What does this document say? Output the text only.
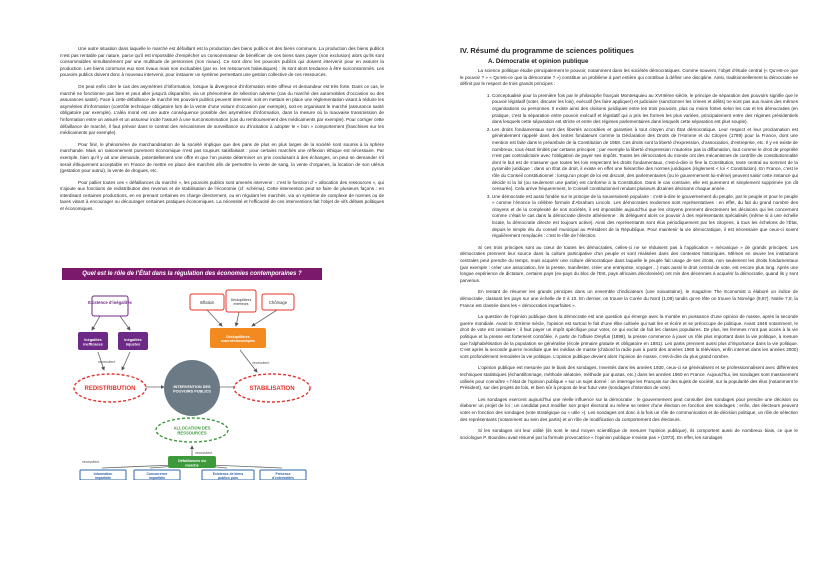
Une autre situation dans laquelle le marché est défaillant est la production des biens publics et des biens communs. La production des biens publics n’est pas rentable par nature, parce qu’il est impossible d’empêcher un consommateur de bénéficier de ces biens sans payer (non exclusion) alors qu’ils sont consommables simultanément par une multitude de personnes (non rivaux). Ce sont donc les pouvoirs publics qui doivent intervenir pour en assurer la production. Les biens communs eux sont rivaux mais non excluables (par ex. les ressources halieutiques) : ils sont alors tendance à être surconsommés. Les pouvoirs publics doivent donc à nouveau intervenir, pour instaurer un système permettant une gestion collective de ces ressources.

On peut enfin citer le cas des asymétries d’information, lorsque la divergence d’information entre offreur et demandeur est très forte. Dans ce cas, le marché ne fonctionne pas bien et peut aller jusqu’à disparaître, via un phénomène de sélection adverse (cas du marché des automobiles d’occasion ou des assurances santé). Face à cette défaillance de marché les pouvoirs publics peuvent intervenir, soit en mettant en place une réglementation visant à réduire les asymétries d’information (contrôle technique obligatoire lors de la vente d’une voiture d’occasion par exemple), soit en organisant le marché (assurance santé obligatoire par exemple). L’aléa moral est une autre conséquence possible des asymétries d’information, dans la mesure où la mauvaise transmission de l’information entre un assuré et un assureur incite l’assuré à une surconsommation (cas du remboursement des médicaments par exemple). Pour corriger cette défaillance de marché, il faut prévoir dans le contrat des mécanismes de surveillance ou d’incitation à adopter le « bon » comportement (franchises sur les médicaments par exemple).

Pour finir, le phénomène de marchandisation de la société implique que des pans de plus en plus larges de la société sont soumis à la sphère marchande. Mais un raisonnement purement économique n’est pas toujours satisfaisant : pour certains marchés une réflexion éthique est nécessaire. Par exemple, bien qu’il y ait une demande, potentiellement une offre et que l’on puisse déterminer un prix conduisant à des échanges, on peut se demander s’il serait éthiquement acceptable en France de mettre en place des marchés afin de permettre la vente de sang, la vente d’organes, la location de son utérus (gestation pour autrui), la vente de drogues, etc.

Pour pallier toutes ces « défaillances du marché », les pouvoirs publics sont amenés intervenir : c’est le fonction d’ « allocation des ressources », qui s’ajoute aux fonctions de redistribution des revenus et de stabilisation de l’économie (cf. schéma). Cette intervention peut se faire de plusieurs façons : en interdisant certaines productions, en en prenant certaines en charge directement, ou en régulant les marchés, via un système de complexe de normes ou de taxes visant à encourager ou décourager certaines pratiques économiques. La nécessité et l’efficacité de ces interventions fait l’objet de vifs débats politiques et économiques.

Quel est le rôle de l’État dans la régulation des économies contemporaines ?
Existence d’inégalités
Inégalités inefficaces
Inégalités injustes
nécessitent
Inflation	Déséquilibres extérieurs	Chômage
Déséquilibres macroéconomiques
nécessitent
REDISTRIBUTION	STABILISATION
INTERVENTION DES POUVOIRS PUBLICS
ALLOCATION DES RESSOURCES
nécessitent
Défaillances du marché
nécessitent
Information imparfaite
Concurrence imparfaite
Existence de biens publics purs
Présence d’externalités
IV. Résumé du programme de sciences politiques
A. Démocratie et opinion publique

La science politique étudie principalement le pouvoir, notamment dans les sociétés démocratiques. Comme souvent, l’objet d’étude central (« Qu’est-ce que le pouvoir ? » « Qu’est-ce que la démocratie ? ») constitue un problème à part entière qui contribue à définir une discipline. Ainsi, traditionnellement la démocratie se définit par le respect de trois grands principes :

1. Conceptualisé pour la première fois par le philosophe français Montesquieu au XVIIIème siècle, le principe de séparation des pouvoirs signifie que le pouvoir législatif (voter, discuter les lois), exécutif (les faire appliquer) et judiciaire (sanctionner les crimes et délits) ne sont pas aux mains des mêmes organisations ou personnes. Il existe ainsi des cloisons juridiques entre les trois pouvoirs, plus ou moins fortes selon les cas et les démocraties (en pratique, c’est la séparation entre pouvoir exécutif et législatif qui a pris les formes les plus variées, principalement entre des régimes présidentiels dans lesquels cette séparation est stricte et entre des régimes parlementaires dans lesquels cette séparation est plus souple).
2. Les droits fondamentaux sont des libertés accordées et garanties à tout citoyen d’un État démocratique. Leur respect et leur proclamation est généralement rappelé dans des textes fondateurs comme la Déclaration des Droits de l’Homme et du Citoyen (1789) pour la France, dont une mention est faite dans le préambule de la Constitution de 1958. Ces droits sont la liberté d’expression, d’association, d’entreprise, etc. Il y en existe de nombreux, tous étant limités par certains principes ; par exemple la liberté d’expression n’autorise pas la diffamation, tout comme le droit de propriété n’est pas contradictoire avec l’obligation de payer ses impôts. Toutes les démocraties du monde ont des mécanismes de contrôle de constitutionnalité dont le but est de s’assurer que toutes les lois respectent les droits fondamentaux, c’est-à-dire in fine la Constitution, texte central au sommet de la pyramide juridique : dans un État de droit, il existe en effet une hiérarchie des normes juridiques (règlement < loi < Constitution). En France, c’est le rôle du Conseil constitutionnel : lorsqu’un projet de loi est discuté, des parlementaires (ou le gouvernement lui-même) peuvent saisir cette instance qui décide si la loi (ou seulement une partie) est conforme à la Constitution. Dans le cas contraire, elle est purement et simplement supprimée (on dit censurée). Cela arrive fréquemment, le Conseil constitutionnel rendant plusieurs dizaines décisions chaque année.
3. Une démocratie est aussi fondée sur le principe de la souveraineté populaire : c’est-à-dire le gouvernement du peuple, par le peuple et pour le peuple » comme l’énonce la célèbre formule d’Abraham Lincoln. Les démocraties modernes sont représentatives : en effet, du fait du grand nombre des citoyens et de la complexité de nos sociétés, il est impossible aujourd’hui que les citoyens prennent directement les décisions qui les concernent comme c’était le cas dans la démocratie directe athénienne : ils délèguent alors ce pouvoir à des représentants spécialisés (même si à une échelle locale, la démocratie directe est toujours active). Ainsi des représentants sont élus périodiquement par les citoyens, à tous les échelons de l’État, depuis le simple élu du conseil municipal au Président de la République. Pour maintenir la vie démocratique, il est nécessaire que ceux-ci soient régulièrement remplacés : c’est le rôle de l’élection.

Si ces trois principes sont au cœur de toutes les démocraties, celles-ci ne se réduisent pas à l’application « mécanique » de grands principes. Les démocraties prennent leur source dans la culture participative d’un peuple et sont réalisées dans des contextes historiques. Mêmes en œuvre les institutions centrales peut prendre du temps, mais acquérir une culture démocratique dans laquelle le peuple fait usage de ses droits, non seulement les droits fondamentaux (par exemple : créer une association, lire la presse, manifester, créer une entreprise, voyager…) mais aussi le droit central de vote, est encore plus long. Après une longue expérience de dictature, certains pays (ex-pays du bloc de l’Est, pays africains décolonisés) ont mis des décennies à acquérir la démocratie, quand ils y sont parvenus.

En tentant de résumer les grands principes dans un ensemble d’indicateurs (une soixantaine), le magazine The Economist a élaboré un indice de démocratie, classant les pays sur une échelle de 0 à 10. En dernier, on trouve la Corée du Nord (1,08) tandis qu’en tête on trouve la Norvège (9,87). Notée 7,8, la France est classée dans les « démocraties imparfaites ».

La question de l’opinion publique dans la démocratie est une question qui émerge avec la montée en puissance d’une opinion de masse, après la seconde guerre mondiale. Avant le XIXème siècle, l’opinion est surtout le fait d’une élite cultivée qui sait lire et écrire et se préoccupe de politique. Avant 1848 notamment, le droit de vote est censitaire : il faut payer un impôt spécifique pour voter, ce qui exclut de fait les classes populaires. De plus, les femmes n’ont pas accès à la vie politique et la presse est fortement contrôlée. À partir de l’affaire Dreyfus (1898), la presse commence à jouer un rôle plus important dans la vie politique, à mesure que l’alphabétisation de la population se généralise (école primaire gratuite et obligatoire en 1881). Les partis prennent aussi plus d’importance dans la vie politique. C’est après la seconde guerre mondiale que les médias de masse (d’abord la radio puis à partir des années 1960 la télévision, enfin internet dans les années 2000) vont profondément remodeler la vie politique. L’opinion publique devient alors l’opinion de masse, c’est-à-dire du plus grand nombre.

L’opinion publique est mesurée par le biais des sondages. Inventés dans les années 1930, ceux-ci se généralisent et se professionnalisent avec différentes techniques statistiques (échantillonnage, méthode aléatoire, méthode par quotas, etc.) dans les années 1960 en France. Aujourd’hui, les sondages sont massivement utilisés pour connaître « l’état de l’opinion publique » sur un sujet donné : on interroge les Français sur des sujets de société, sur la popularité des élus (notamment le Président), sur des projets de lois, et bien sûr à propos de leur futur vote (sondages d’intention de vote).

Les sondages exercent aujourd’hui une réelle influence sur la démocratie : le gouvernement peut consulter des sondages pour prendre une décision ou élaborer un projet de loi ; un candidat peut modifier son projet électoral ou même se retirer d’une élection en fonction des sondages ; enfin, des électeurs peuvent voter en fonction des sondages (vote stratégique ou « utile »). Les sondages ont donc à la fois un rôle de communication et de décision politique, un rôle de sélection des représentants (notamment au sein des partis) et un rôle de modification du comportement des électeurs.

Si les sondages ont leur utilité (ils sont le seul moyen scientifique de mesurer l’opinion publique), ils comportent aussi de nombreux biais, ce que le sociologue P. Bourdieu avait résumé par la formule provocatrice « l’opinion publique n’existe pas » (1973). En effet, les sondages
